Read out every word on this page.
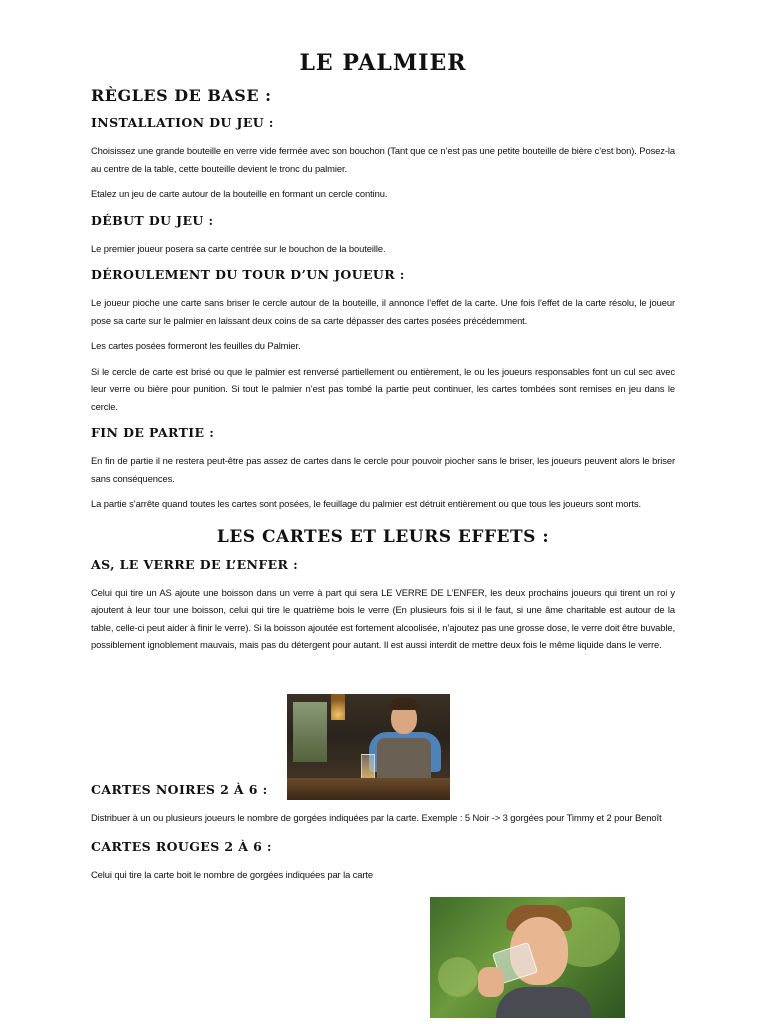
LE PALMIER
RÈGLES DE BASE :
INSTALLATION DU JEU :
Choisissez une grande bouteille en verre vide fermée avec son bouchon (Tant que ce n’est pas une petite bouteille de bière c’est bon). Posez-la au centre de la table, cette bouteille devient le tronc du palmier.
Etalez un jeu de carte autour de la bouteille en formant un cercle continu.
DÉBUT DU JEU :
Le premier joueur posera sa carte centrée sur le bouchon de la bouteille.
DÉROULEMENT DU TOUR D’UN JOUEUR :
Le joueur pioche une carte sans briser le cercle autour de la bouteille, il annonce l’effet de la carte. Une fois l’effet de la carte résolu, le joueur pose sa carte sur le palmier en laissant deux coins de sa carte dépasser des cartes posées précédemment.
Les cartes posées formeront les feuilles du Palmier.
Si le cercle de carte est brisé ou que le palmier est renversé partiellement ou entièrement, le ou les joueurs responsables font un cul sec avec leur verre ou bière pour punition. Si tout le palmier n’est pas tombé la partie peut continuer, les cartes tombées sont remises en jeu dans le cercle.
FIN DE PARTIE :
En fin de partie il ne restera peut-être pas assez de cartes dans le cercle pour pouvoir piocher sans le briser, les joueurs peuvent alors le briser sans conséquences.
La partie s’arrête quand toutes les cartes sont posées, le feuillage du palmier est détruit entièrement ou que tous les joueurs sont morts.
LES CARTES ET LEURS EFFETS :
AS, LE VERRE DE L’ENFER :
Celui qui tire un AS ajoute une boisson dans un verre à part qui sera LE VERRE DE L’ENFER, les deux prochains joueurs qui tirent un roi y ajoutent à leur tour une boisson, celui qui tire le quatrième bois le verre (En plusieurs fois si il le faut, si une âme charitable est autour de la table, celle-ci peut aider à finir le verre). Si la boisson ajoutée est fortement alcoolisée, n’ajoutez pas une grosse dose, le verre doit être buvable, possiblement ignoblement mauvais, mais pas du détergent pour autant. Il est aussi interdit de mettre deux fois le même liquide dans le verre.
CARTES NOIRES 2 À 6 :
Distribuer à un ou plusieurs joueurs le nombre de gorgées indiquées par la carte. Exemple : 5 Noir -> 3 gorgées pour Timmy et 2 pour Benoît
CARTES ROUGES 2 À 6 :
Celui qui tire la carte boit le nombre de gorgées indiquées par la carte
